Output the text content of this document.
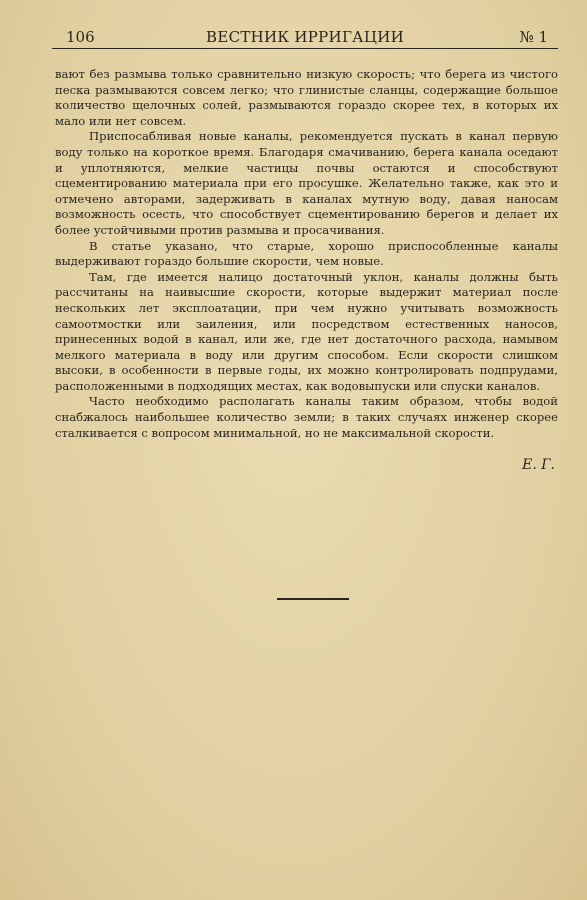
106	ВЕСТНИК ИРРИГАЦИИ	№ 1

вают без размыва только сравнительно низкую скорость; что берега из чистого песка размываются совсем легко; что глинистые сланцы, содержащие большое количество щелочных солей, размываются гораздо скорее тех, в которых их мало или нет совсем.

Приспосабливая новые каналы, рекомендуется пускать в канал первую воду только на короткое время. Благодаря смачиванию, берега канала оседают и уплотняются, мелкие частицы почвы остаются и способствуют сцементированию материала при его просушке. Желательно также, как это и отмечено авторами, задерживать в каналах мутную воду, давая наносам возможность осесть, что способствует сцементированию берегов и делает их более устойчивыми против размыва и просачивания.

В статье указано, что старые, хорошо приспособленные каналы выдерживают гораздо большие скорости, чем новые.

Там, где имеется налицо достаточный уклон, каналы должны быть рассчитаны на наивысшие скорости, которые выдержит материал после нескольких лет эксплоатации, при чем нужно учитывать возможность самоотмостки или заиления, или посредством естественных наносов, принесенных водой в канал, или же, где нет достаточного расхода, намывом мелкого материала в воду или другим способом. Если скорости слишком высоки, в особенности в первые годы, их можно контролировать подпрудами, расположенными в подходящих местах, как водовыпуски или спуски каналов.

Часто необходимо располагать каналы таким образом, чтобы водой снабжалось наибольшее количество земли; в таких случаях инженер скорее сталкивается с вопросом минимальной, но не максимальной скорости.

Е. Г.
